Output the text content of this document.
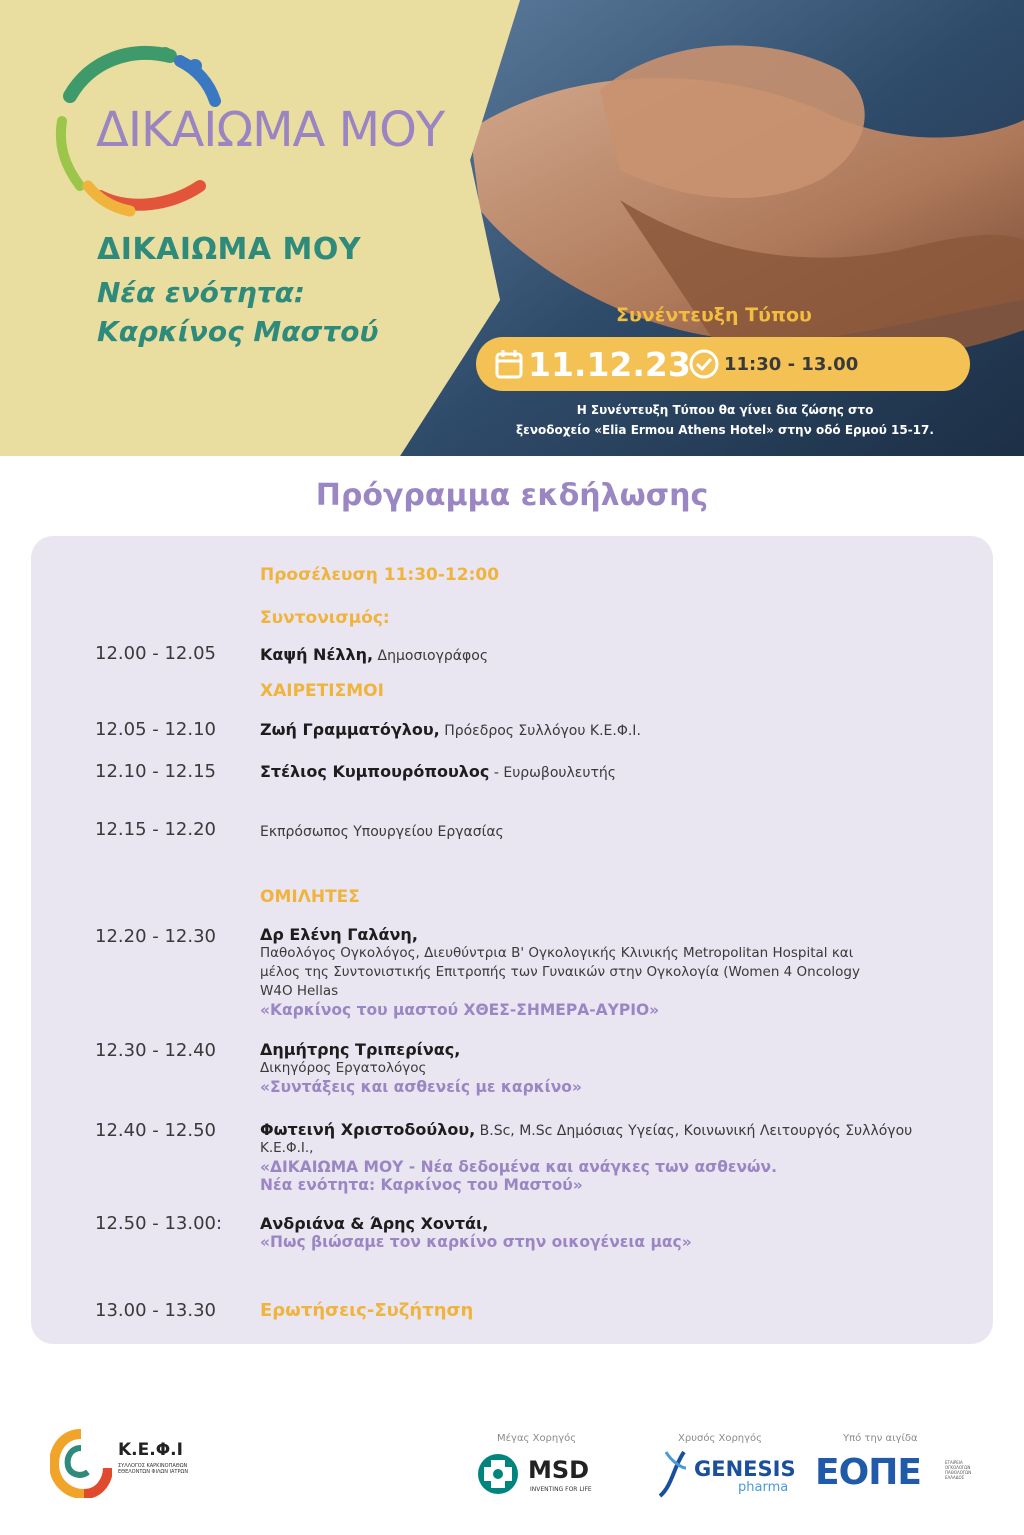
ΔΙΚΑΙΩΜΑ ΜΟΥ
ΔΙΚΑΙΩΜΑ ΜΟΥ
Νέα ενότητα:
Καρκίνος Μαστού	Συνέντευξη Τύπου
11.12.23 11:30 - 13.00
Η Συνέντευξη Τύπου θα γίνει δια ζώσης στο
ξενοδοχείο «Elia Ermou Athens Hotel» στην οδό Ερμού 15-17.
Πρόγραμμα εκδήλωσης
Προσέλευση 11:30-12:00
Συντονισμός:
12.00 - 12.05	Καψή Νέλλη, Δημοσιογράφος
ΧΑΙΡΕΤΙΣΜΟΙ
12.05 - 12.10	Ζωή Γραμματόγλου, Πρόεδρος Συλλόγου Κ.Ε.Φ.Ι.
12.10 - 12.15	Στέλιος Κυμπουρόπουλος - Ευρωβουλευτής
12.15 - 12.20	Εκπρόσωπος Υπουργείου Εργασίας
ΟΜΙΛΗΤΕΣ
12.20 - 12.30	Δρ Ελένη Γαλάνη,
Παθολόγος Ογκολόγος, Διευθύντρια Β' Ογκολογικής Κλινικής Metropolitan Hospital και
μέλος της Συντονιστικής Επιτροπής των Γυναικών στην Ογκολογία (Women 4 Oncology
W4O Hellas
«Καρκίνος του μαστού ΧΘΕΣ-ΣΗΜΕΡΑ-ΑΥΡΙΟ»
12.30 - 12.40	Δημήτρης Τριπερίνας,
Δικηγόρος Εργατολόγος
«Συντάξεις και ασθενείς με καρκίνο»
12.40 - 12.50	Φωτεινή Χριστοδούλου, B.Sc, M.Sc Δημόσιας Υγείας, Κοινωνική Λειτουργός Συλλόγου
Κ.Ε.Φ.Ι.,
«ΔΙΚΑΙΩΜΑ ΜΟΥ - Νέα δεδομένα και ανάγκες των ασθενών.
Νέα ενότητα: Καρκίνος του Μαστού»
12.50 - 13.00: Ανδριάνα & Άρης Χοντάι,
«Πως βιώσαμε τον καρκίνο στην οικογένεια μας»
13.00 - 13.30 Ερωτήσεις-Συζήτηση
Κ.Ε.Φ.Ι
ΣΥΛΛΟΓΟΣ ΚΑΡΚΙΝΟΠΑΘΩΝ ΕΘΕΛΟΝΤΩΝ ΦΙΛΩΝ ΙΑΤΡΩΝ
Μέγας Χορηγός
MSD
INVENTING FOR LIFE
Χρυσός Χορηγός
GENESIS
pharma
Υπό την αιγίδα
ΕΟΠΕ	ΕΤΑΙΡΕΙΑ ΟΓΚΟΛΟΓΩΝ ΠΑΘΟΛΟΓΩΝ ΕΛΛΑΔΟΣ
